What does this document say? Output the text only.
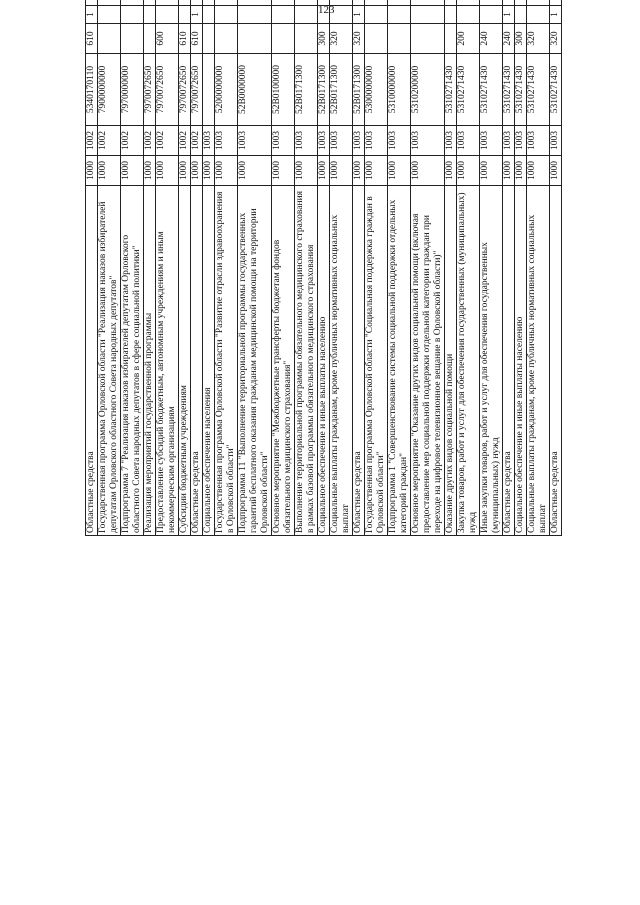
123
Областные средства	1000	1002	5340170110	610	1			
Государственная программа Орловской области "Реализация наказов избирателей депутатам Орловского областного Совета народных депутатов"	1000	1002	7900000000					
Подпрограмма 7 "Реализация наказов избирателей депутатам Орловского областного Совета народных депутатов в сфере социальной политики"	1000	1002	7970000000					
Реализация мероприятий государственной программы	1000	1002	7970072650					
Предоставление субсидий бюджетным, автономным учреждениям и иным некоммерческим организациям	1000	1002	7970072650	600				
Субсидии бюджетным учреждениям	1000	1002	7970072650	610				
Областные средства	1000	1002	7970072650	610	1			
Социальное обеспечение населения	1000	1003						
Государственная программа Орловской области "Развитие отрасли здравоохранения в Орловской области"	1000	1003	5200000000					
Подпрограмма 11 "Выполнение территориальной программы государственных гарантий бесплатного оказания гражданам медицинской помощи на территории Орловской области"	1000	1003	52В0000000					
Основное мероприятие "Межбюджетные трансферты бюджетам фондов обязательного медицинского страхования"	1000	1003	52В0100000					
Выполнение территориальной программы обязательного медицинского страхования в рамках базовой программы обязательного медицинского страхования	1000	1003	52В0171300					
Социальное обеспечение и иные выплаты населению	1000	1003	52В0171300	300				
Социальные выплаты гражданам, кроме публичных нормативных социальных выплат	1000	1003	52В0171300	320				
Областные средства	1000	1003	52В0171300	320	1			
Государственная программа Орловской области "Социальная поддержка граждан в Орловской области"	1000	1003	5300000000					
Подпрограмма 1 "Совершенствование системы социальной поддержки отдельных категорий граждан"	1000	1003	5310000000					
Основное мероприятие "Оказание других видов социальной помощи (включая предоставление мер социальной поддержки отдельной категории граждан при переходе на цифровое телевизионное вещание в Орловской области)"	1000	1003	5310200000					
Оказание других видов социальной помощи	1000	1003	5310271430					
Закупка товаров, работ и услуг для обеспечения государственных (муниципальных) нужд	1000	1003	5310271430	200				
Иные закупки товаров, работ и услуг для обеспечения государственных (муниципальных) нужд	1000	1003	5310271430	240				
Областные средства	1000	1003	5310271430	240	1			
Социальное обеспечение и иные выплаты населению	1000	1003	5310271430	300				
Социальные выплаты гражданам, кроме публичных нормативных социальных выплат	1000	1003	5310271430	320				
Областные средства	1000	1003	5310271430	320	1			
